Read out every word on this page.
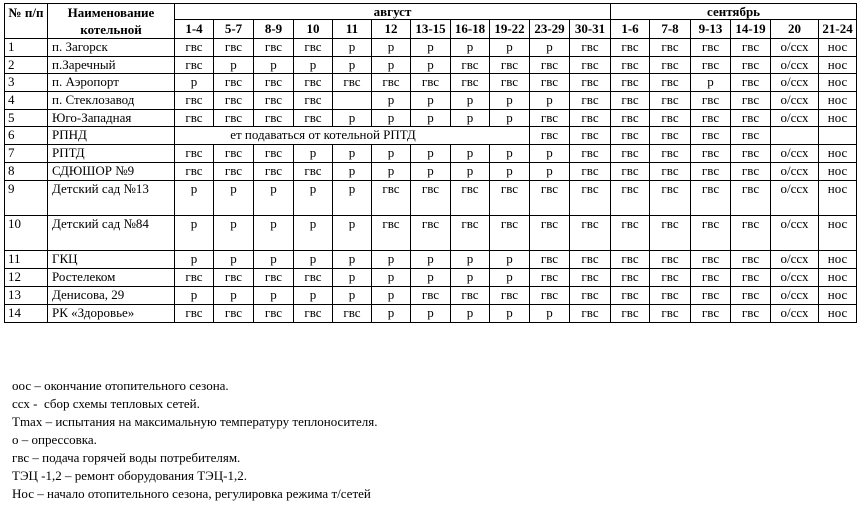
№ п/п	Наименование котельной	август											сентябрь					
		1-4	5-7	8-9	10	11	12	13-15	16-18	19-22	23-29	30-31	1-6	7-8	9-13	14-19	20	21-24
1	п. Загорск	гвс	гвс	гвс	гвс	р	р	р	р	р	р	гвс	гвс	гвс	гвс	гвс	о/ссх	нос
2	п.Заречный	гвс	р	р	р	р	р	р	гвс	гвс	гвс	гвс	гвс	гвс	гвс	гвс	о/ссх	нос
3	п. Аэропорт	р	гвс	гвс	гвс	гвс	гвс	гвс	гвс	гвс	гвс	гвс	гвс	гвс	р	гвс	о/ссх	нос
4	п. Стеклозавод	гвс	гвс	гвс	гвс		р	р	р	р	р	гвс	гвс	гвс	гвс	гвс	о/ссх	нос
5	Юго-Западная	гвс	гвс	гвс	гвс	р	р	р	р	р	гвс	гвс	гвс	гвс	гвс	гвс	о/ссх	нос
6	РПНД	ет подаваться от котельной РПТД									гвс	гвс	гвс	гвс	гвс	гвс		
7	РПТД	гвс	гвс	гвс	р	р	р	р	р	р	р	гвс	гвс	гвс	гвс	гвс	о/ссх	нос
8	СДЮШОР №9	гвс	гвс	гвс	гвс	р	р	р	р	р	р	гвс	гвс	гвс	гвс	гвс	о/ссх	нос
9	Детский сад №13	р	р	р	р	р	гвс	гвс	гвс	гвс	гвс	гвс	гвс	гвс	гвс	гвс	о/ссх	нос
10	Детский сад №84	р	р	р	р	р	гвс	гвс	гвс	гвс	гвс	гвс	гвс	гвс	гвс	гвс	о/ссх	нос
11	ГКЦ	р	р	р	р	р	р	р	р	р	гвс	гвс	гвс	гвс	гвс	гвс	о/ссх	нос
12	Ростелеком	гвс	гвс	гвс	гвс	р	р	р	р	р	гвс	гвс	гвс	гвс	гвс	гвс	о/ссх	нос
13	Денисова, 29	р	р	р	р	р	р	гвс	гвс	гвс	гвс	гвс	гвс	гвс	гвс	гвс	о/ссх	нос
14	РК «Здоровье»	гвс	гвс	гвс	гвс	гвс	р	р	р	р	р	гвс	гвс	гвс	гвс	гвс	о/ссх	нос
оос – окончание отопительного сезона.
ссх -  сбор схемы тепловых сетей.
Tmax – испытания на максимальную температуру теплоносителя.
о – опрессовка.
гвс – подача горячей воды потребителям.
ТЭЦ -1,2 – ремонт оборудования ТЭЦ-1,2.
Нос – начало отопительного сезона, регулировка режима т/сетей
